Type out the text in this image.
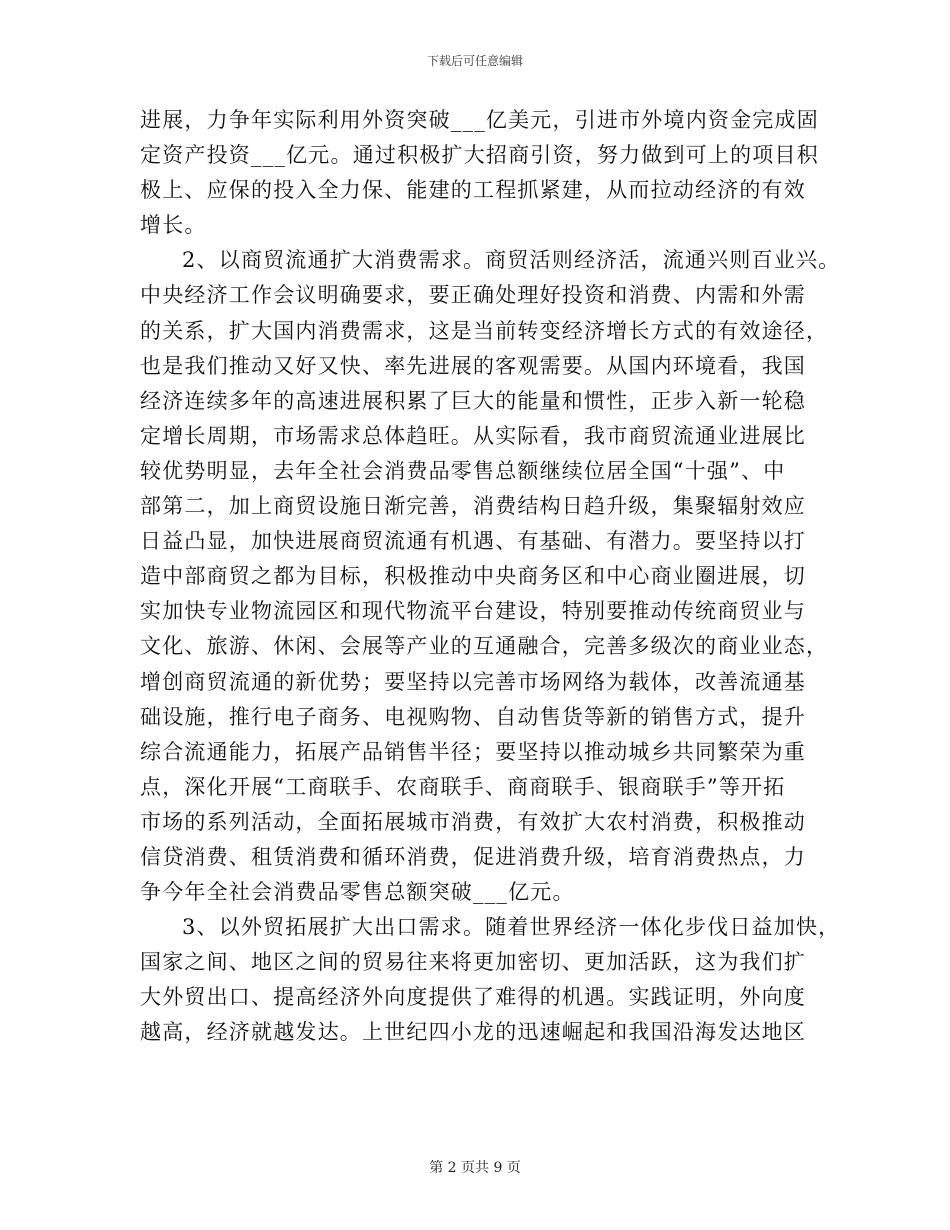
下载后可任意编辑
进展，力争年实际利用外资突破___亿美元，引进市外境内资金完成固
定资产投资___亿元。通过积极扩大招商引资，努力做到可上的项目积
极上、应保的投入全力保、能建的工程抓紧建，从而拉动经济的有效
增长。
2、以商贸流通扩大消费需求。商贸活则经济活，流通兴则百业兴。
中央经济工作会议明确要求，要正确处理好投资和消费、内需和外需
的关系，扩大国内消费需求，这是当前转变经济增长方式的有效途径，
也是我们推动又好又快、率先进展的客观需要。从国内环境看，我国
经济连续多年的高速进展积累了巨大的能量和惯性，正步入新一轮稳
定增长周期，市场需求总体趋旺。从实际看，我市商贸流通业进展比
较优势明显，去年全社会消费品零售总额继续位居全国“十强”、中
部第二，加上商贸设施日渐完善，消费结构日趋升级，集聚辐射效应
日益凸显，加快进展商贸流通有机遇、有基础、有潜力。要坚持以打
造中部商贸之都为目标，积极推动中央商务区和中心商业圈进展，切
实加快专业物流园区和现代物流平台建设，特别要推动传统商贸业与
文化、旅游、休闲、会展等产业的互通融合，完善多级次的商业业态，
增创商贸流通的新优势；要坚持以完善市场网络为载体，改善流通基
础设施，推行电子商务、电视购物、自动售货等新的销售方式，提升
综合流通能力，拓展产品销售半径；要坚持以推动城乡共同繁荣为重
点，深化开展“工商联手、农商联手、商商联手、银商联手”等开拓
市场的系列活动，全面拓展城市消费，有效扩大农村消费，积极推动
信贷消费、租赁消费和循环消费，促进消费升级，培育消费热点，力
争今年全社会消费品零售总额突破___亿元。
3、以外贸拓展扩大出口需求。随着世界经济一体化步伐日益加快，
国家之间、地区之间的贸易往来将更加密切、更加活跃，这为我们扩
大外贸出口、提高经济外向度提供了难得的机遇。实践证明，外向度
越高，经济就越发达。上世纪四小龙的迅速崛起和我国沿海发达地区
第 2 页共 9 页
